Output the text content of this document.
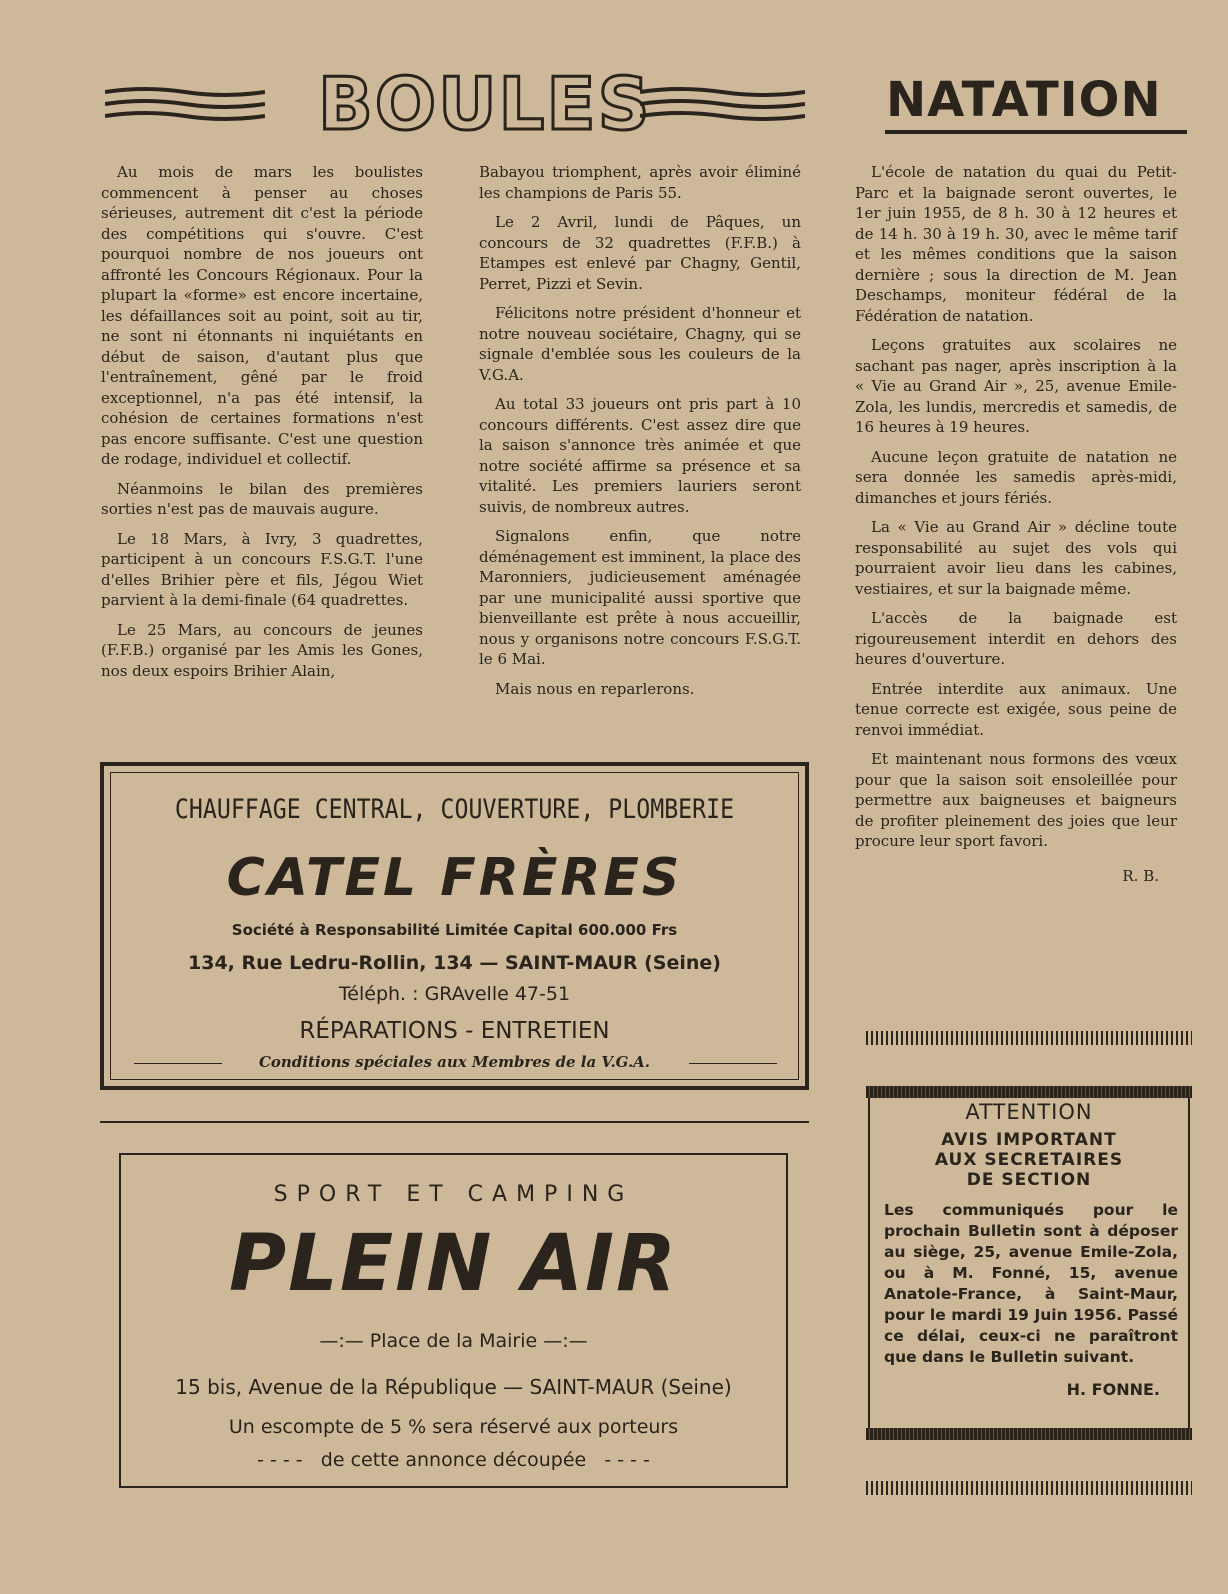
BOULES	NATATION

Au mois de mars les boulistes commencent à penser au choses sérieuses, autrement dit c'est la période des compétitions qui s'ouvre. C'est pourquoi nombre de nos joueurs ont affronté les Concours Régionaux. Pour la plupart la «forme» est encore incertaine, les défaillances soit au point, soit au tir, ne sont ni étonnants ni inquiétants en début de saison, d'autant plus que l'entraînement, gêné par le froid exceptionnel, n'a pas été intensif, la cohésion de certaines formations n'est pas encore suffisante. C'est une question de rodage, individuel et collectif.

Néanmoins le bilan des premières sorties n'est pas de mauvais augure.

Le 18 Mars, à Ivry, 3 quadrettes, participent à un concours F.S.G.T. l'une d'elles Brihier père et fils, Jégou Wiet parvient à la demi-finale (64 quadrettes.

Le 25 Mars, au concours de jeunes (F.F.B.) organisé par les Amis les Gones, nos deux espoirs Brihier Alain,

Babayou triomphent, après avoir éliminé les champions de Paris 55.

Le 2 Avril, lundi de Pâques, un concours de 32 quadrettes (F.F.B.) à Etampes est enlevé par Chagny, Gentil, Perret, Pizzi et Sevin.

Félicitons notre président d'honneur et notre nouveau sociétaire, Chagny, qui se signale d'emblée sous les couleurs de la V.G.A.

Au total 33 joueurs ont pris part à 10 concours différents. C'est assez dire que la saison s'annonce très animée et que notre société affirme sa présence et sa vitalité. Les premiers lauriers seront suivis, de nombreux autres.

Signalons enfin, que notre déménagement est imminent, la place des Maronniers, judicieusement aménagée par une municipalité aussi sportive que bienveillante est prête à nous accueillir, nous y organisons notre concours F.S.G.T. le 6 Mai.

Mais nous en reparlerons.

L'école de natation du quai du Petit-Parc et la baignade seront ouvertes, le 1er juin 1955, de 8 h. 30 à 12 heures et de 14 h. 30 à 19 h. 30, avec le même tarif et les mêmes conditions que la saison dernière ; sous la direction de M. Jean Deschamps, moniteur fédéral de la Fédération de natation.

Leçons gratuites aux scolaires ne sachant pas nager, après inscription à la « Vie au Grand Air », 25, avenue Emile-Zola, les lundis, mercredis et samedis, de 16 heures à 19 heures.

Aucune leçon gratuite de natation ne sera donnée les samedis après-midi, dimanches et jours fériés.

La « Vie au Grand Air » décline toute responsabilité au sujet des vols qui pourraient avoir lieu dans les cabines, vestiaires, et sur la baignade même.

L'accès de la baignade est rigoureusement interdit en dehors des heures d'ouverture.

Entrée interdite aux animaux. Une tenue correcte est exigée, sous peine de renvoi immédiat.

Et maintenant nous formons des vœux pour que la saison soit ensoleillée pour permettre aux baigneuses et baigneurs de profiter pleinement des joies que leur procure leur sport favori.

R. B.
CHAUFFAGE CENTRAL, COUVERTURE, PLOMBERIE
CATEL FRÈRES
Société à Responsabilité Limitée Capital 600.000 Frs
134, Rue Ledru-Rollin, 134 — SAINT-MAUR (Seine)
Téléph. : GRAvelle 47-51
RÉPARATIONS - ENTRETIEN
Conditions spéciales aux Membres de la V.G.A.
SPORT ET CAMPING
PLEIN AIR
—:— Place de la Mairie —:—
15 bis, Avenue de la République — SAINT-MAUR (Seine)
Un escompte de 5 % sera réservé aux porteurs
- - - -   de cette annonce découpée   - - - -
ATTENTION
AVIS IMPORTANT
AUX SECRETAIRES
DE SECTION
Les communiqués pour le prochain Bulletin sont à déposer au siège, 25, avenue Emile-Zola, ou à M. Fonné, 15, avenue Anatole-France, à Saint-Maur, pour le mardi 19 Juin 1956. Passé ce délai, ceux-ci ne paraîtront que dans le Bulletin suivant.
H. FONNE.
